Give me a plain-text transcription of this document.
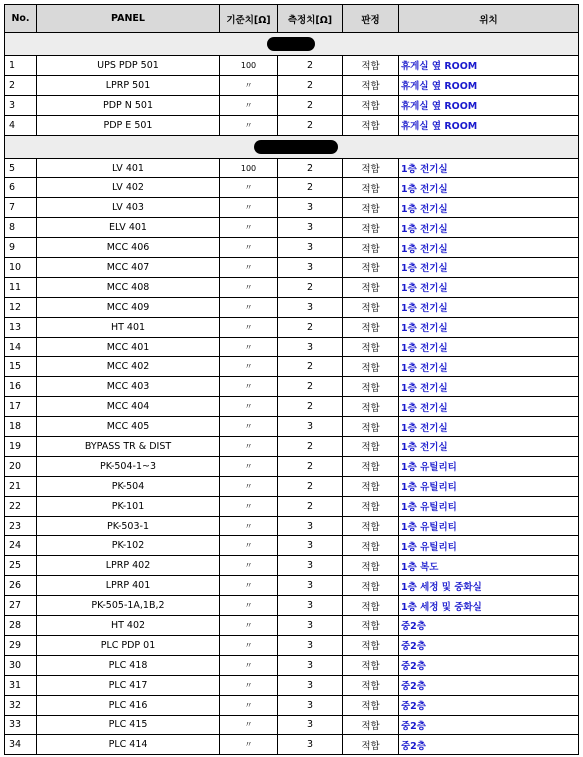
No.	PANEL	기준치[Ω]	측정치[Ω]	판정	위치

1	UPS PDP 501	100	2	적합	휴게실 옆 ROOM
2	LPRP 501	〃	2	적합	휴게실 옆 ROOM
3	PDP N 501	〃	2	적합	휴게실 옆 ROOM
4	PDP E 501	〃	2	적합	휴게실 옆 ROOM

5	LV 401	100	2	적합	1층 전기실
6	LV 402	〃	2	적합	1층 전기실
7	LV 403	〃	3	적합	1층 전기실
8	ELV 401	〃	3	적합	1층 전기실
9	MCC 406	〃	3	적합	1층 전기실
10	MCC 407	〃	3	적합	1층 전기실
11	MCC 408	〃	2	적합	1층 전기실
12	MCC 409	〃	3	적합	1층 전기실
13	HT 401	〃	2	적합	1층 전기실
14	MCC 401	〃	3	적합	1층 전기실
15	MCC 402	〃	2	적합	1층 전기실
16	MCC 403	〃	2	적합	1층 전기실
17	MCC 404	〃	2	적합	1층 전기실
18	MCC 405	〃	3	적합	1층 전기실
19	BYPASS TR & DIST	〃	2	적합	1층 전기실
20	PK-504-1~3	〃	2	적합	1층 유틸리티
21	PK-504	〃	2	적합	1층 유틸리티
22	PK-101	〃	2	적합	1층 유틸리티
23	PK-503-1	〃	3	적합	1층 유틸리티
24	PK-102	〃	3	적합	1층 유틸리티
25	LPRP 402	〃	3	적합	1층 복도
26	LPRP 401	〃	3	적합	1층 세정 및 중화실
27	PK-505-1A,1B,2	〃	3	적합	1층 세정 및 중화실
28	HT 402	〃	3	적합	중2층
29	PLC PDP 01	〃	3	적합	중2층
30	PLC 418	〃	3	적합	중2층
31	PLC 417	〃	3	적합	중2층
32	PLC 416	〃	3	적합	중2층
33	PLC 415	〃	3	적합	중2층
34	PLC 414	〃	3	적합	중2층
